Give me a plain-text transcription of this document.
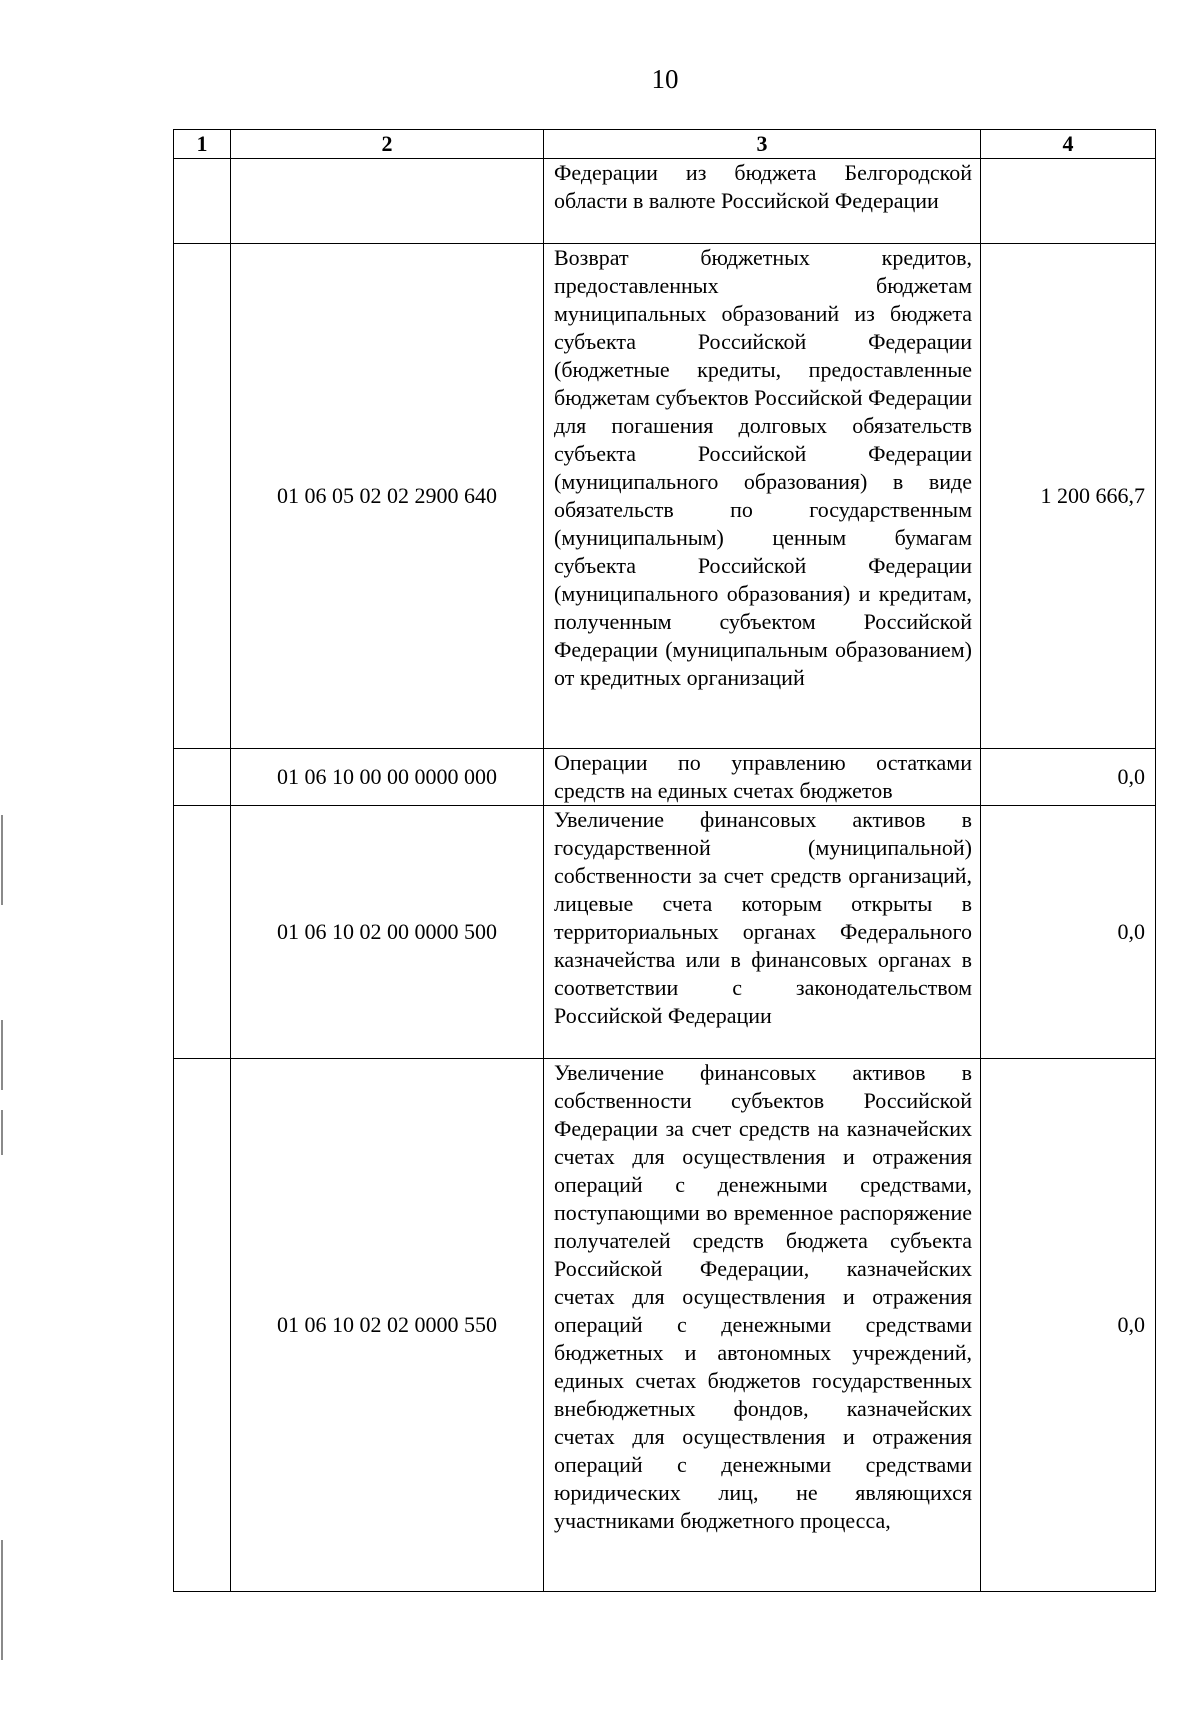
10
1	2	3	4
		Федерации из бюджета Белгородской области в валюте Российской Федерации	
	01 06 05 02 02 2900 640	Возврат бюджетных кредитов, предоставленных бюджетам муниципальных образований из бюджета субъекта Российской Федерации (бюджетные кредиты, предоставленные бюджетам субъектов Российской Федерации для погашения долговых обязательств субъекта Российской Федерации (муниципального образования) в виде обязательств по государственным (муниципальным) ценным бумагам субъекта Российской Федерации (муниципального образования) и кредитам, полученным субъектом Российской Федерации (муниципальным образованием) от кредитных организаций	1 200 666,7
	01 06 10 00 00 0000 000	Операции по управлению остатками средств на единых счетах бюджетов	0,0
	01 06 10 02 00 0000 500	Увеличение финансовых активов в государственной (муниципальной) собственности за счет средств организаций, лицевые счета которым открыты в территориальных органах Федерального казначейства или в финансовых органах в соответствии с законодательством Российской Федерации	0,0
	01 06 10 02 02 0000 550	Увеличение финансовых активов в собственности субъектов Российской Федерации за счет средств на казначейских счетах для осуществления и отражения операций с денежными средствами, поступающими во временное распоряжение получателей средств бюджета субъекта Российской Федерации, казначейских счетах для осуществления и отражения операций с денежными средствами бюджетных и автономных учреждений, единых счетах бюджетов государственных внебюджетных фондов, казначейских счетах для осуществления и отражения операций с денежными средствами юридических лиц, не являющихся участниками бюджетного процесса,	0,0
